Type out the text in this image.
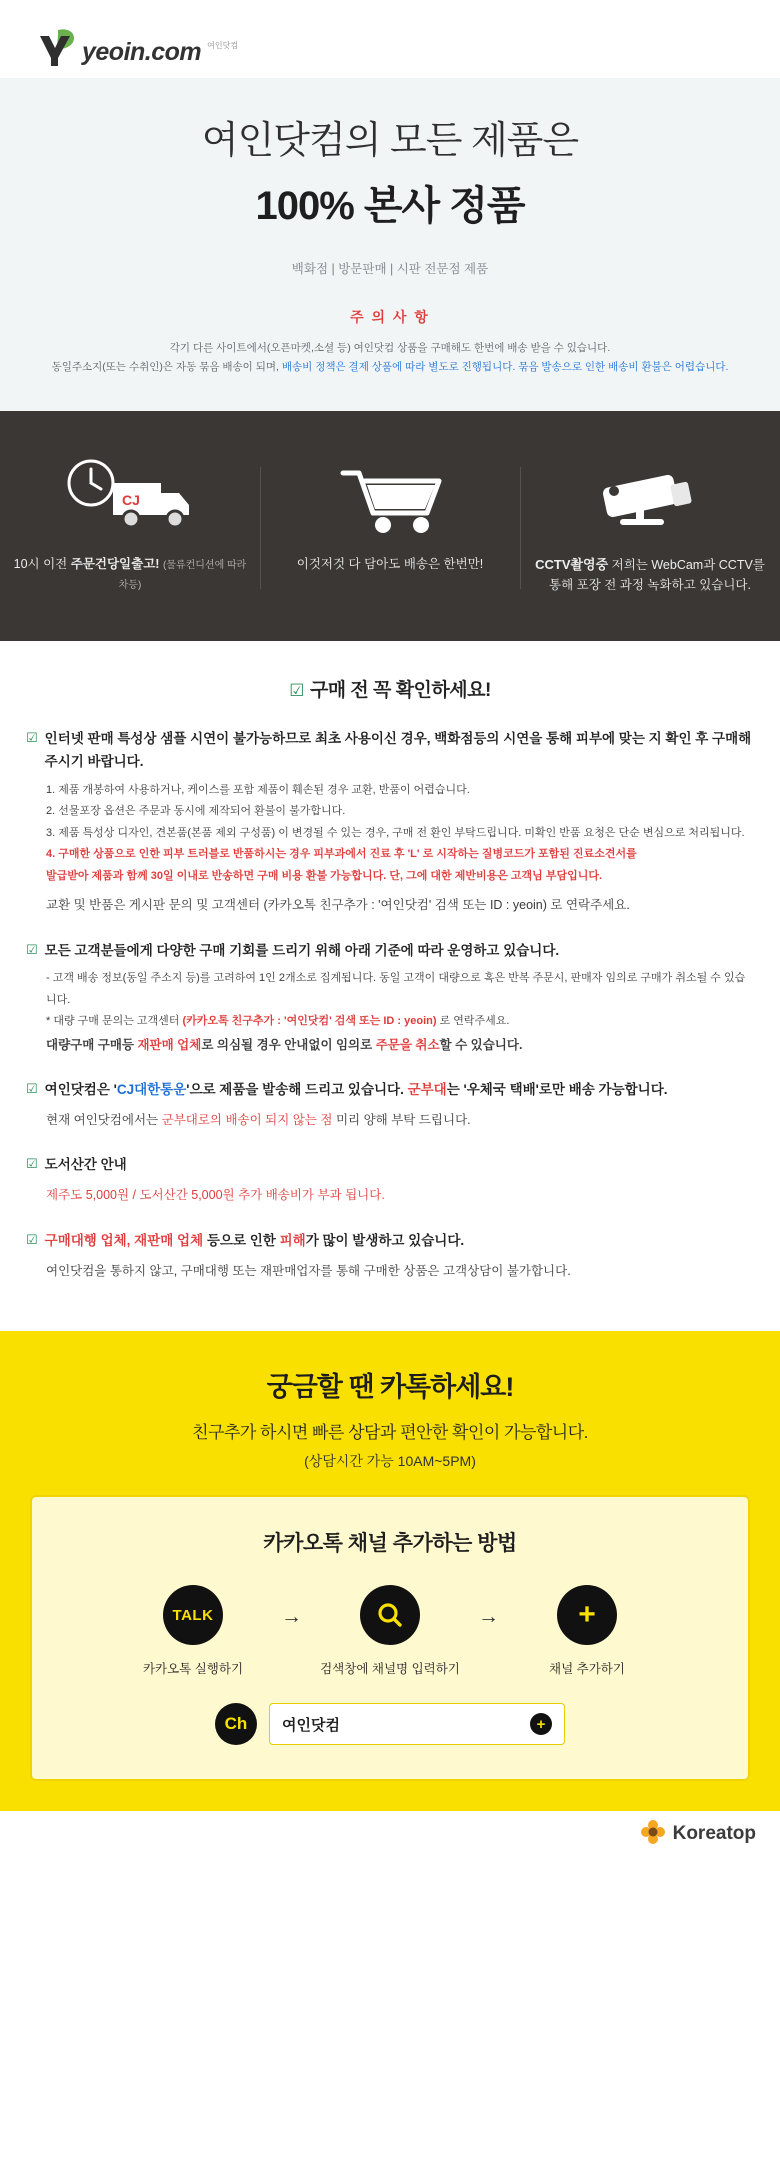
yeoin.com 여인닷컴
여인닷컴의 모든 제품은
100% 본사 정품
백화점 | 방문판매 | 시판 전문점 제품
주 의 사 항
각기 다른 사이트에서(오픈마켓,소셜 등) 여인닷컴 상품을 구매해도 한번에 배송 받을 수 있습니다.
동일주소지(또는 수취인)은 자동 묶음 배송이 되며, 배송비 정책은 결제 상품에 따라 별도로 진행됩니다. 묶음 발송으로 인한 배송비 환불은 어렵습니다.
CJ
10시 이전 주문건당일출고! (물류컨디션에 따라 차등)
이것저것 다 담아도 배송은 한번만!	CCTV촬영중 저희는 WebCam과 CCTV를 통해 포장 전 과정 녹화하고 있습니다.
☑ 구매 전 꼭 확인하세요!
☑ 인터넷 판매 특성상 샘플 시연이 불가능하므로 최초 사용이신 경우, 백화점등의 시연을 통해 피부에 맞는 지 확인 후 구매해주시기 바랍니다.
1. 제품 개봉하여 사용하거나, 케이스를 포함 제품이 훼손된 경우 교환, 반품이 어렵습니다.
2. 선물포장 옵션은 주문과 동시에 제작되어 환불이 불가합니다.
3. 제품 특성상 디자인, 견본품(본품 제외 구성품) 이 변경될 수 있는 경우, 구매 전 환인 부탁드립니다. 미확인 반품 요청은 단순 변심으로 처리됩니다.
4. 구매한 상품으로 인한 피부 트러블로 반품하시는 경우 피부과에서 진료 후 'L' 로 시작하는 질병코드가 포함된 진료소견서를
발급받아 제품과 함께 30일 이내로 반송하면 구매 비용 환불 가능합니다. 단, 그에 대한 제반비용은 고객님 부담입니다.
교환 및 반품은 게시판 문의 및 고객센터 (카카오톡 친구추가 : '여인닷컴' 검색 또는 ID : yeoin) 로 연락주세요.
☑ 모든 고객분들에게 다양한 구매 기회를 드리기 위해 아래 기준에 따라 운영하고 있습니다.
- 고객 배송 정보(동일 주소지 등)를 고려하여 1인 2개소로 집계됩니다. 동일 고객이 대량으로 혹은 반복 주문시, 판매자 임의로 구매가 취소될 수 있습니다.
* 대량 구매 문의는 고객센터 (카카오톡 친구추가 : '여인닷컴' 검색 또는 ID : yeoin) 로 연락주세요.
대량구매 구매등 재판매 업체로 의심될 경우 안내없이 임의로 주문을 취소할 수 있습니다.
☑ 여인닷컴은 'CJ대한통운'으로 제품을 발송해 드리고 있습니다. 군부대는 '우체국 택배'로만 배송 가능합니다.
현재 여인닷컴에서는 군부대로의 배송이 되지 않는 점 미리 양해 부탁 드립니다.
☑ 도서산간 안내
제주도 5,000원 / 도서산간 5,000원 추가 배송비가 부과 됩니다.
☑ 구매대행 업체, 재판매 업체 등으로 인한 피해가 많이 발생하고 있습니다.
여인닷컴을 통하지 않고, 구매대행 또는 재판매업자를 통해 구매한 상품은 고객상담이 불가합니다.
궁금할 땐 카톡하세요!
친구추가 하시면 빠른 상담과 편안한 확인이 가능합니다.
(상담시간 가능 10AM~5PM)
카카오톡 채널 추가하는 방법
TALK
카카오톡 실행하기
→
검색창에 채널명 입력하기
→	+
채널 추가하기
Ch 여인닷컴	+
Koreatop
